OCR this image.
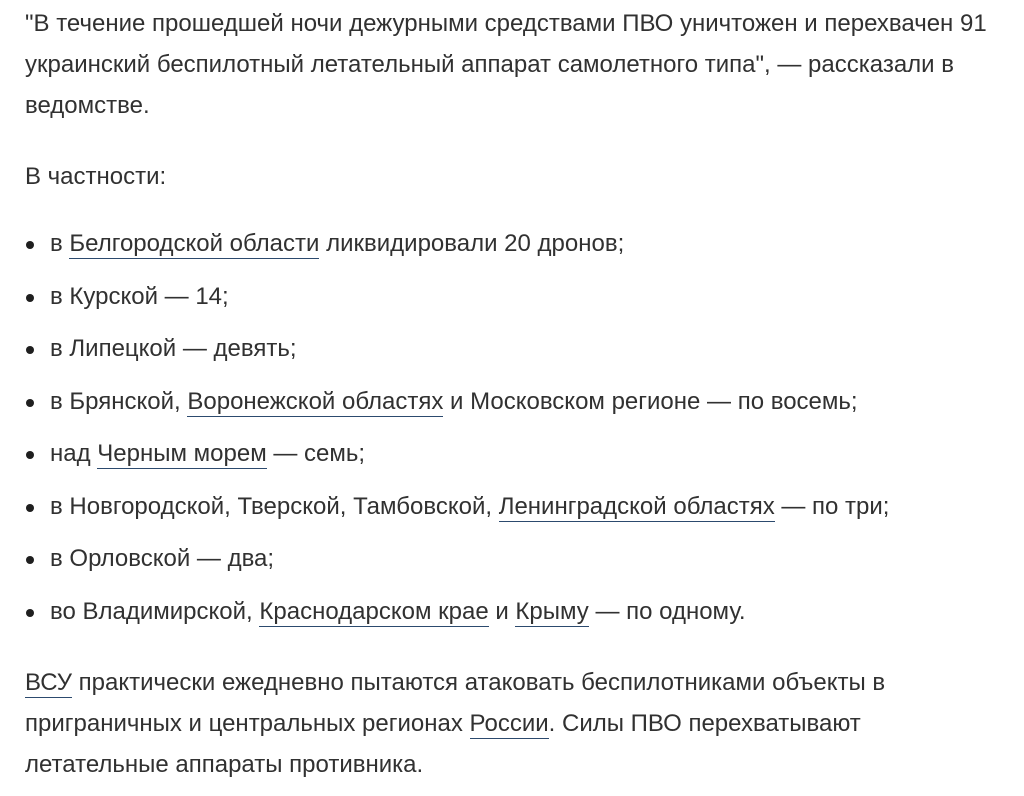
"В течение прошедшей ночи дежурными средствами ПВО уничтожен и перехвачен 91 украинский беспилотный летательный аппарат самолетного типа", — рассказали в ведомстве.

В частности:

в Белгородской области ликвидировали 20 дронов;
в Курской — 14;
в Липецкой — девять;
в Брянской, Воронежской областях и Московском регионе — по восемь;
над Черным морем — семь;
в Новгородской, Тверской, Тамбовской, Ленинградской областях — по три;
в Орловской — два;
во Владимирской, Краснодарском крае и Крыму — по одному.

ВСУ практически ежедневно пытаются атаковать беспилотниками объекты в приграничных и центральных регионах России. Силы ПВО перехватывают летательные аппараты противника.
